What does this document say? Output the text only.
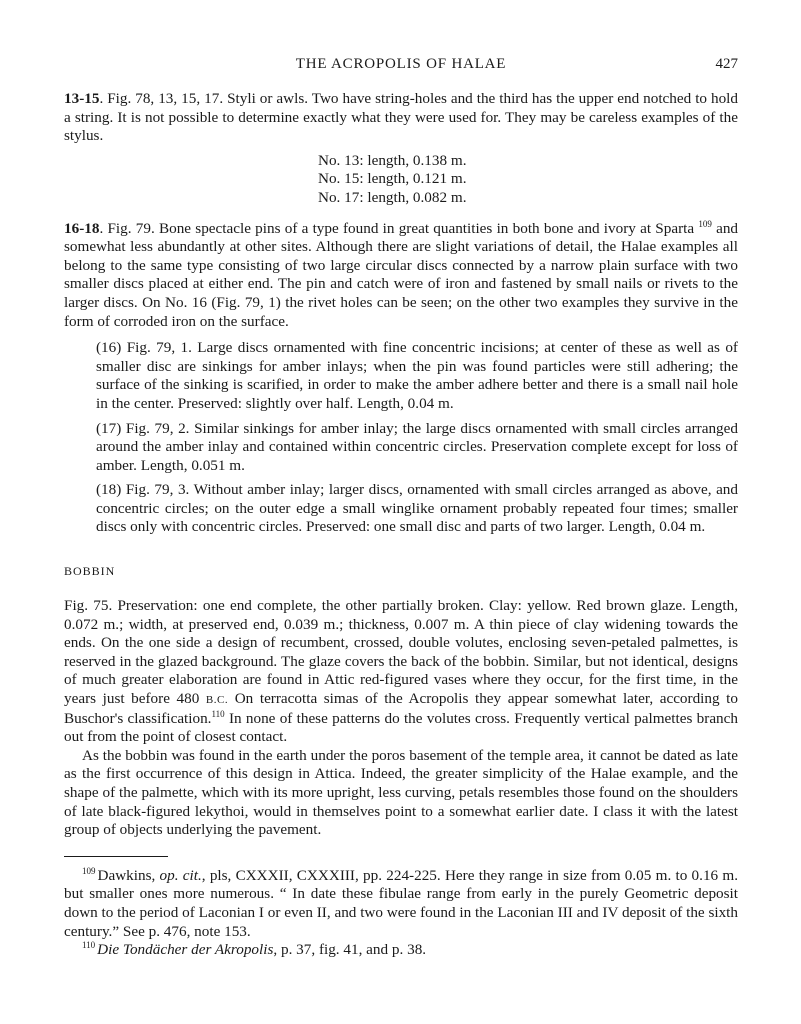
THE ACROPOLIS OF HALAE	427

13-15. Fig. 78, 13, 15, 17. Styli or awls. Two have string-holes and the third has the upper end notched to hold a string. It is not possible to determine exactly what they were used for. They may be careless examples of the stylus.

No. 13: length, 0.138 m.
No. 15: length, 0.121 m.
No. 17: length, 0.082 m.

16-18. Fig. 79. Bone spectacle pins of a type found in great quantities in both bone and ivory at Sparta $^{109}$ and somewhat less abundantly at other sites. Although there are slight variations of detail, the Halae examples all belong to the same type consisting of two large circular discs connected by a narrow plain surface with two smaller discs placed at either end. The pin and catch were of iron and fastened by small nails or rivets to the larger discs. On No. 16 (Fig. 79, 1) the rivet holes can be seen; on the other two examples they survive in the form of corroded iron on the surface.

(16) Fig. 79, 1. Large discs ornamented with fine concentric incisions; at center of these as well as of smaller disc are sinkings for amber inlays; when the pin was found particles were still adhering; the surface of the sinking is scarified, in order to make the amber adhere better and there is a small nail hole in the center. Preserved: slightly over half. Length, 0.04 m.

(17) Fig. 79, 2. Similar sinkings for amber inlay; the large discs ornamented with small circles arranged around the amber inlay and contained within concentric circles. Preservation complete except for loss of amber. Length, 0.051 m.

(18) Fig. 79, 3. Without amber inlay; larger discs, ornamented with small circles arranged as above, and concentric circles; on the outer edge a small winglike ornament probably repeated four times; smaller discs only with concentric circles. Preserved: one small disc and parts of two larger. Length, 0.04 m.

BOBBIN

Fig. 75. Preservation: one end complete, the other partially broken. Clay: yellow. Red brown glaze. Length, 0.072 m.; width, at preserved end, 0.039 m.; thickness, 0.007 m. A thin piece of clay widening towards the ends. On the one side a design of recumbent, crossed, double volutes, enclosing seven-petaled palmettes, is reserved in the glazed background. The glaze covers the back of the bobbin. Similar, but not identical, designs of much greater elaboration are found in Attic red-figured vases where they occur, for the first time, in the years just before 480 B.C. On terracotta simas of the Acropolis they appear somewhat later, according to Buschor's classification.$^{110}$ In none of these patterns do the volutes cross. Frequently vertical palmettes branch out from the point of closest contact.

As the bobbin was found in the earth under the poros basement of the temple area, it cannot be dated as late as the first occurrence of this design in Attica. Indeed, the greater simplicity of the Halae example, and the shape of the palmette, which with its more upright, less curving, petals resembles those found on the shoulders of late black-figured lekythoi, would in themselves point to a somewhat earlier date. I class it with the latest group of objects underlying the pavement.

$^{109}$ Dawkins, op. cit., pls, CXXXII, CXXXIII, pp. 224-225. Here they range in size from 0.05 m. to 0.16 m. but smaller ones more numerous. “ In date these fibulae range from early in the purely Geometric deposit down to the period of Laconian I or even II, and two were found in the Laconian III and IV deposit of the sixth century.” See p. 476, note 153.

$^{110}$ Die Tondächer der Akropolis, p. 37, fig. 41, and p. 38.
